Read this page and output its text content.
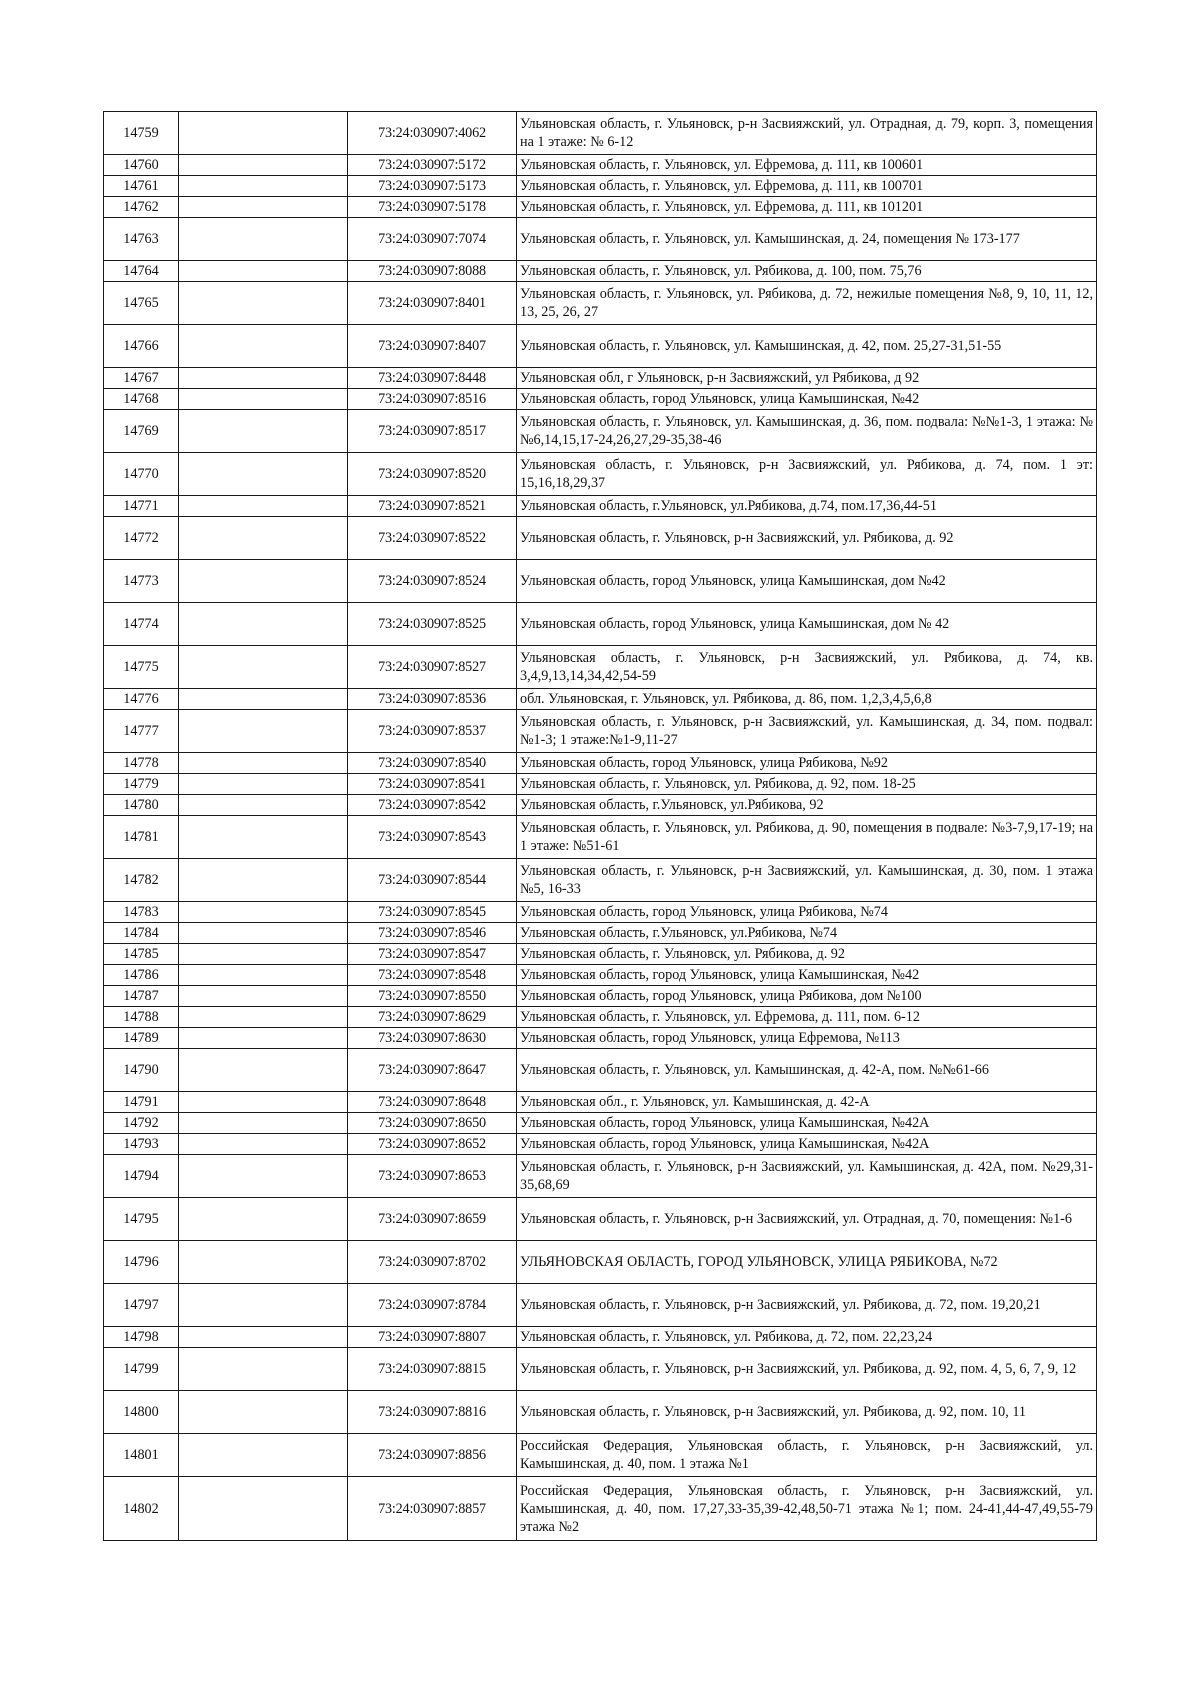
14759		73:24:030907:4062	Ульяновская область, г. Ульяновск, р-н Засвияжский, ул. Отрадная, д. 79, корп. 3, помещения на 1 этаже: № 6-12
14760		73:24:030907:5172	Ульяновская область, г. Ульяновск, ул. Ефремова, д. 111, кв 100601
14761		73:24:030907:5173	Ульяновская область, г. Ульяновск, ул. Ефремова, д. 111, кв 100701
14762		73:24:030907:5178	Ульяновская область, г. Ульяновск, ул. Ефремова, д. 111, кв 101201
14763		73:24:030907:7074	Ульяновская область, г. Ульяновск, ул. Камышинская, д. 24, помещения № 173-177
14764		73:24:030907:8088	Ульяновская область, г. Ульяновск, ул. Рябикова, д. 100, пом. 75,76
14765		73:24:030907:8401	Ульяновская область, г. Ульяновск, ул. Рябикова, д. 72, нежилые помещения №8, 9, 10, 11, 12, 13, 25, 26, 27
14766		73:24:030907:8407	Ульяновская область, г. Ульяновск, ул. Камышинская, д. 42, пом. 25,27-31,51-55
14767		73:24:030907:8448	Ульяновская обл, г Ульяновск, р-н Засвияжский, ул Рябикова, д 92
14768		73:24:030907:8516	Ульяновская область, город Ульяновск, улица Камышинская, №42
14769		73:24:030907:8517	Ульяновская область, г. Ульяновск, ул. Камышинская, д. 36, пом. подвала: №№1-3, 1 этажа: №№6,14,15,17-24,26,27,29-35,38-46
14770		73:24:030907:8520	Ульяновская область, г. Ульяновск, р-н Засвияжский, ул. Рябикова, д. 74, пом. 1 эт: 15,16,18,29,37
14771		73:24:030907:8521	Ульяновская область, г.Ульяновск, ул.Рябикова, д.74, пом.17,36,44-51
14772		73:24:030907:8522	Ульяновская область, г. Ульяновск, р-н Засвияжский, ул. Рябикова, д. 92
14773		73:24:030907:8524	Ульяновская область, город Ульяновск, улица Камышинская, дом №42
14774		73:24:030907:8525	Ульяновская область, город Ульяновск, улица Камышинская, дом № 42
14775		73:24:030907:8527	Ульяновская область, г. Ульяновск, р-н Засвияжский, ул. Рябикова, д. 74, кв. 3,4,9,13,14,34,42,54-59
14776		73:24:030907:8536	обл. Ульяновская, г. Ульяновск, ул. Рябикова, д. 86, пом. 1,2,3,4,5,6,8
14777		73:24:030907:8537	Ульяновская область, г. Ульяновск, р-н Засвияжский, ул. Камышинская, д. 34, пом. подвал:№1-3; 1 этаже:№1-9,11-27
14778		73:24:030907:8540	Ульяновская область, город Ульяновск, улица Рябикова, №92
14779		73:24:030907:8541	Ульяновская область, г. Ульяновск, ул. Рябикова, д. 92, пом. 18-25
14780		73:24:030907:8542	Ульяновская область, г.Ульяновск, ул.Рябикова, 92
14781		73:24:030907:8543	Ульяновская область, г. Ульяновск, ул. Рябикова, д. 90, помещения в подвале: №3-7,9,17-19; на 1 этаже: №51-61
14782		73:24:030907:8544	Ульяновская область, г. Ульяновск, р-н Засвияжский, ул. Камышинская, д. 30, пом. 1 этажа №5, 16-33
14783		73:24:030907:8545	Ульяновская область, город Ульяновск, улица Рябикова, №74
14784		73:24:030907:8546	Ульяновская область, г.Ульяновск, ул.Рябикова, №74
14785		73:24:030907:8547	Ульяновская область, г. Ульяновск, ул. Рябикова, д. 92
14786		73:24:030907:8548	Ульяновская область, город Ульяновск, улица Камышинская, №42
14787		73:24:030907:8550	Ульяновская область, город Ульяновск, улица Рябикова, дом №100
14788		73:24:030907:8629	Ульяновская область, г. Ульяновск, ул. Ефремова, д. 111, пом. 6-12
14789		73:24:030907:8630	Ульяновская область, город Ульяновск, улица Ефремова, №113
14790		73:24:030907:8647	Ульяновская область, г. Ульяновск, ул. Камышинская, д. 42-А, пом. №№61-66
14791		73:24:030907:8648	Ульяновская обл., г. Ульяновск, ул. Камышинская, д. 42-А
14792		73:24:030907:8650	Ульяновская область, город Ульяновск, улица Камышинская, №42А
14793		73:24:030907:8652	Ульяновская область, город Ульяновск, улица Камышинская, №42А
14794		73:24:030907:8653	Ульяновская область, г. Ульяновск, р-н Засвияжский, ул. Камышинская, д. 42А, пом. №29,31-35,68,69
14795		73:24:030907:8659	Ульяновская область, г. Ульяновск, р-н Засвияжский, ул. Отрадная, д. 70, помещения: №1-6
14796		73:24:030907:8702	УЛЬЯНОВСКАЯ ОБЛАСТЬ, ГОРОД УЛЬЯНОВСК, УЛИЦА РЯБИКОВА, №72
14797		73:24:030907:8784	Ульяновская область, г. Ульяновск, р-н Засвияжский, ул. Рябикова, д. 72, пом. 19,20,21
14798		73:24:030907:8807	Ульяновская область, г. Ульяновск, ул. Рябикова, д. 72, пом. 22,23,24
14799		73:24:030907:8815	Ульяновская область, г. Ульяновск, р-н Засвияжский, ул. Рябикова, д. 92, пом. 4, 5, 6, 7, 9, 12
14800		73:24:030907:8816	Ульяновская область, г. Ульяновск, р-н Засвияжский, ул. Рябикова, д. 92, пом. 10, 11
14801		73:24:030907:8856	Российская Федерация, Ульяновская область, г. Ульяновск, р-н Засвияжский, ул. Камышинская, д. 40, пом. 1 этажа №1
14802		73:24:030907:8857	Российская Федерация, Ульяновская область, г. Ульяновск, р-н Засвияжский, ул. Камышинская, д. 40, пом. 17,27,33-35,39-42,48,50-71 этажа №1; пом. 24-41,44-47,49,55-79 этажа №2
